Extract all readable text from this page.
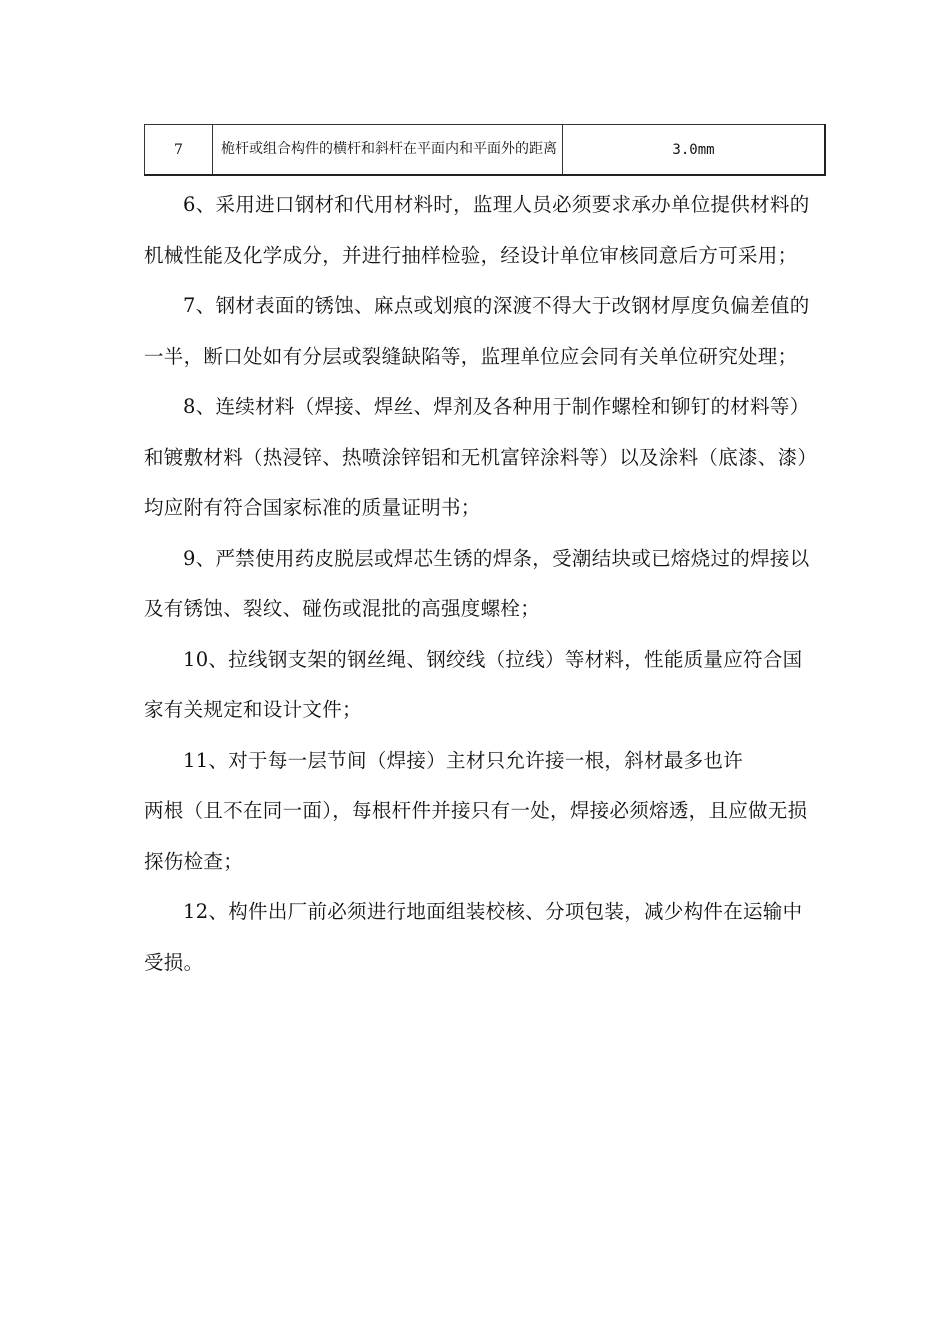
7	桅杆或组合构件的横杆和斜杆在平面内和平面外的距离	3.0mm

6、采用进口钢材和代用材料时，监理人员必须要求承办单位提供材料的机械性能及化学成分，并进行抽样检验，经设计单位审核同意后方可采用；

7、钢材表面的锈蚀、麻点或划痕的深渡不得大于改钢材厚度负偏差值的一半，断口处如有分层或裂缝缺陷等，监理单位应会同有关单位研究处理；

8、连续材料（焊接、焊丝、焊剂及各种用于制作螺栓和铆钉的材料等）和镀敷材料（热浸锌、热喷涂锌铝和无机富锌涂料等）以及涂料（底漆、漆）均应附有符合国家标准的质量证明书；

9、严禁使用药皮脱层或焊芯生锈的焊条，受潮结块或已熔烧过的焊接以及有锈蚀、裂纹、碰伤或混批的高强度螺栓；

10、拉线钢支架的钢丝绳、钢绞线（拉线）等材料，性能质量应符合国家有关规定和设计文件；

11、对于每一层节间（焊接）主材只允许接一根，斜材最多也许

两根（且不在同一面），每根杆件并接只有一处，焊接必须熔透，且应做无损探伤检查；

12、构件出厂前必须进行地面组装校核、分项包装，减少构件在运输中受损。
